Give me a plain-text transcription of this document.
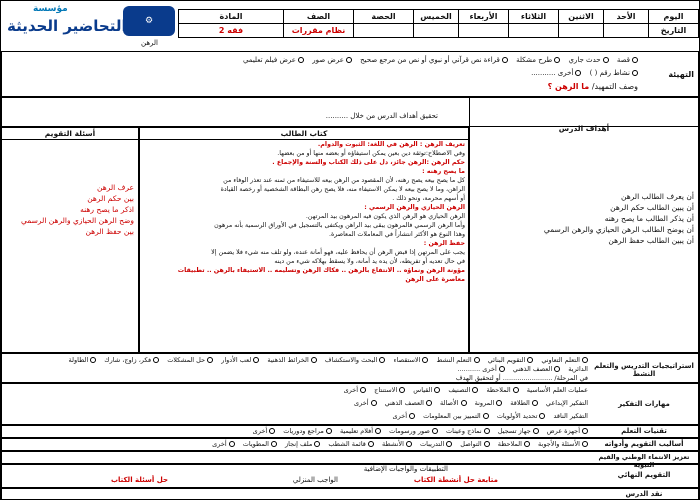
⚙
مؤسسة
التحاضير الحديثة
اليوم	الأحد	الاثنين	الثلاثاء	الأربعاء	الخميس	الحصة	الصف	المادة
التاريخ							نظام مقررات	فقه 2
الرهن
التهيئة
قصة حدث جاري طرح مشكلة قراءة نص قرآني أو نبوي أو نص من مرجع صحيح عرض صور عرض فيلم تعليمي
نشاط رقم ( ) أخرى ...........
وصف التمهيد/ ما الرهن ؟
تحقيق أهداف الدرس من خلال ..........
أهداف الدرس
أن يعرف الطالب الرهن
أن يبين الطالب حكم الرهن
أن يذكر الطالب ما يصح رهنه
أن يوضح الطالب الرهن الحيازي والرهن الرسمي
أن يبين الطالب حفظ الرهن
كتاب الطالب

تعريف الرهن : الرهن في اللغة: الثبوت والدوام.

وفي الاصطلاح:توثقة دين بعين يمكن استيفاؤه أو بعضه منها أو من بعضها.

حكم الرهن :الرهن جائز، دل على ذلك الكتاب والسنة والإجماع .

ما يصح رهنه :

كل ما يصح بيعه يصح رهنه، لأن المقصود من الرهن بيعه للاستيفاء من ثمنه عند تعذر الوفاء من

الراهن، وما لا يصح بيعه لا يمكن الاستيفاء منه، فلا يصح رهن البطاقة الشخصية أو رخصة القيادة

أو أسهم محرمة، ونحو ذلك .

الرهن الحيازي والرهن الرسمي :

الرهن الحيازي هو الرهن الذي يكون فيه المرهون بيد المرتهن.

وأما الرهن الرسمي فالمرهون يبقى بيد الراهن ويكتفى بالتسجيل في الأوراق الرسمية بأنه مرهون

وهذا النوع هو الأكثر انتشاراً في المعاملات المعاصرة.

حفظ الرهن :

يجب على المرتهن إذا قبض الرهن أن يحافظ عليه، فهو أمانة عنده، ولو تلف منه شيء فلا يضمن إلا

في حال تعديه أو تفريطه، لأن يده يد أمانة، ولا يسقط بهلاكه شيء من دينه

مؤونة الرهن ونماؤه .. الانتفاع بالرهن .. فكاك الرهن وتسليمه .. الاستيفاء بالرهن .. تطبيقات

معاصرة على الرهن

أسئلة التقويم
عرف الرهن
بين حكم الرهن
اذكر ما يصح رهنه
وضح الرهن الحيازي والرهن الرسمي
بين حفظ الرهن
استراتيجيات التدريس والتعلم النشط
التعلم التعاوني التقويم البنائي التعلم النشط الاستقصاء البحث والاستكشاف الخرائط الذهنية لعب الأدوار حل المشكلات فكر، زاوج، شارك الطاولة
الدائرية العصف الذهني أخرى ...........
في المرحلة/ ........................ أو لتحقيق الهدف
مهارات التفكير
عمليات العلم الأساسية الملاحظة التصنيف القياس الاستنتاج أخرى
التفكير الإبداعي الطلاقة المرونة الأصالة العصف الذهني أخرى
التفكير الناقد تحديد الأولويات التمييز بين المعلومات أخرى
تقنيات التعلم
أجهزة عرض جهاز تسجيل نماذج وعينات صور ورسومات أفلام تعليمية مراجع ودوريات أخرى
أساليب التقويم وأدواته
الأسئلة والأجوبة الملاحظة التواصل التدريبات الأنشطة قائمة الشطب ملف إنجاز المطويات أخرى
تعزيز الانتماء الوطني والقيم النبوية
التقويم النهائي
التطبيقات والواجبات الإضافية
متابعة حل أنشطة الكتاب
الواجب المنزلي
حل أسئلة الكتاب
نقد الدرس
